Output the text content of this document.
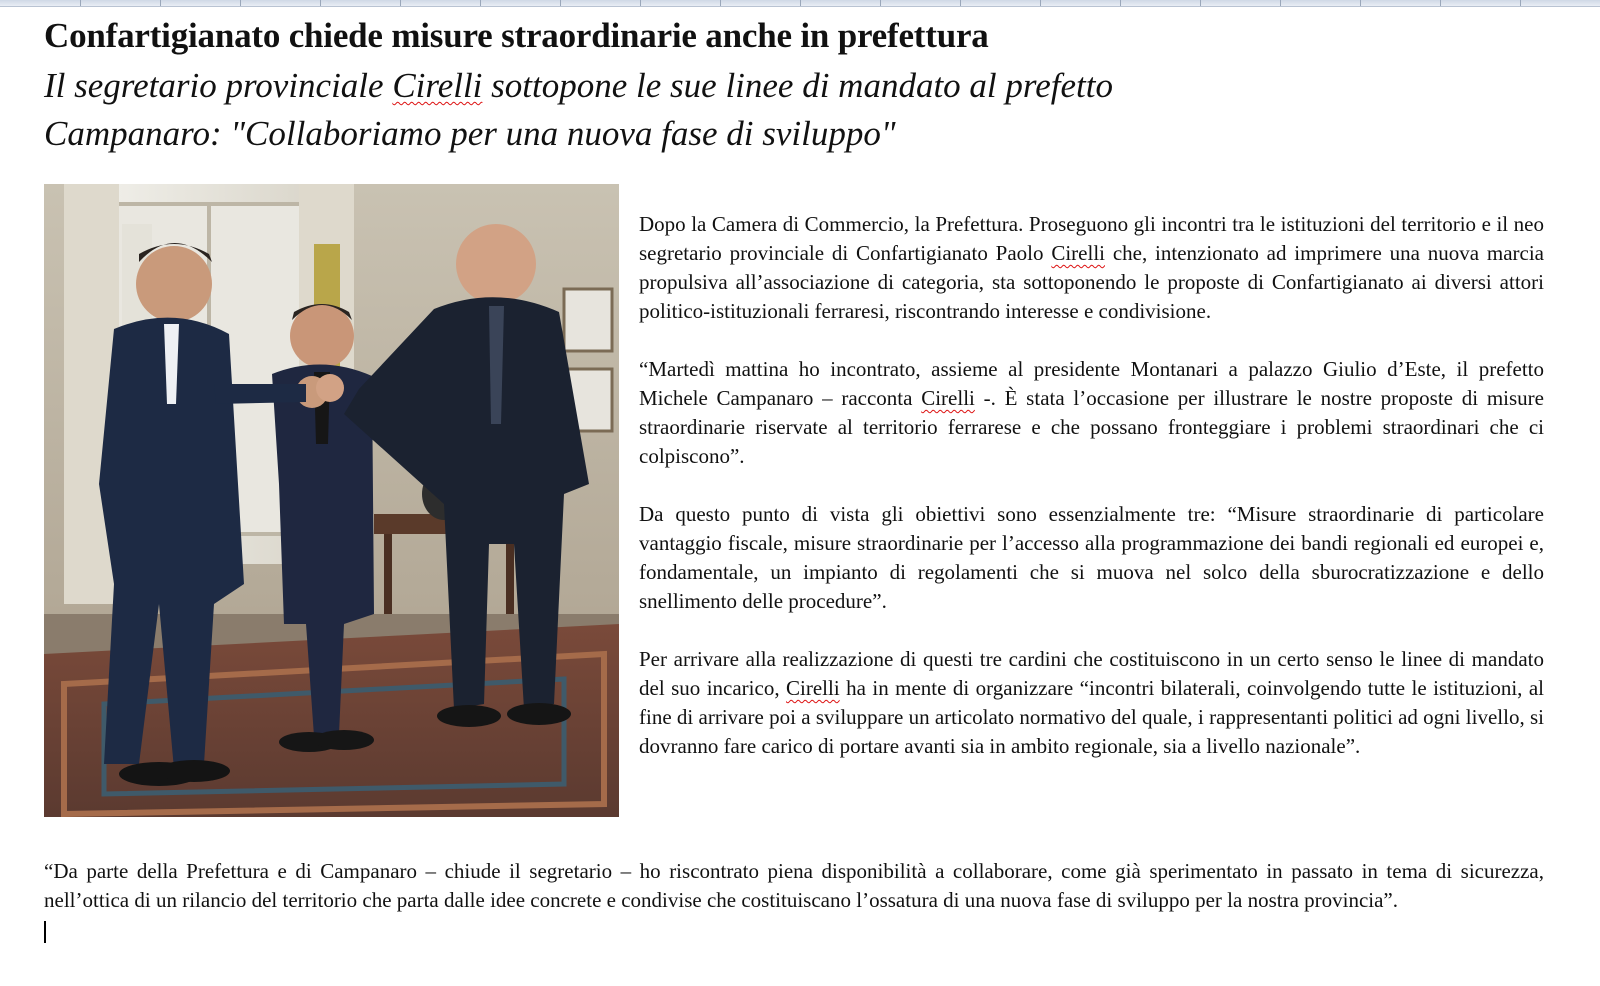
Confartigianato chiede misure straordinarie anche in prefettura
Il segretario provinciale Cirelli sottopone le sue linee di mandato al prefetto
Campanaro: "Collaboriamo per una nuova fase di sviluppo"

Dopo la Camera di Commercio, la Prefettura. Proseguono gli incontri tra le istituzioni del territorio e il neo segretario provinciale di Confartigianato Paolo Cirelli che, intenzionato ad imprimere una nuova marcia propulsiva all’associazione di categoria, sta sottoponendo le proposte di Confartigianato ai diversi attori politico-istituzionali ferraresi, riscontrando interesse e condivisione.

“Martedì mattina ho incontrato, assieme al presidente Montanari a palazzo Giulio d’Este, il prefetto Michele Campanaro – racconta Cirelli -. È stata l’occasione per illustrare le nostre proposte di misure straordinarie riservate al territorio ferrarese e che possano fronteggiare i problemi straordinari che ci colpiscono”.

Da questo punto di vista gli obiettivi sono essenzialmente tre: “Misure straordinarie di particolare vantaggio fiscale, misure straordinarie per l’accesso alla programmazione dei bandi regionali ed europei e, fondamentale, un impianto di regolamenti che si muova nel solco della sburocratizzazione e dello snellimento delle procedure”.

Per arrivare alla realizzazione di questi tre cardini che costituiscono in un certo senso le linee di mandato del suo incarico, Cirelli ha in mente di organizzare “incontri bilaterali, coinvolgendo tutte le istituzioni, al fine di arrivare poi a sviluppare un articolato normativo del quale, i rappresentanti politici ad ogni livello, si dovranno fare carico di portare avanti sia in ambito regionale, sia a livello nazionale”.

“Da parte della Prefettura e di Campanaro – chiude il segretario – ho riscontrato piena disponibilità a collaborare, come già sperimentato in passato in tema di sicurezza, nell’ottica di un rilancio del territorio che parta dalle idee concrete e condivise che costituiscano l’ossatura di una nuova fase di sviluppo per la nostra provincia”.
